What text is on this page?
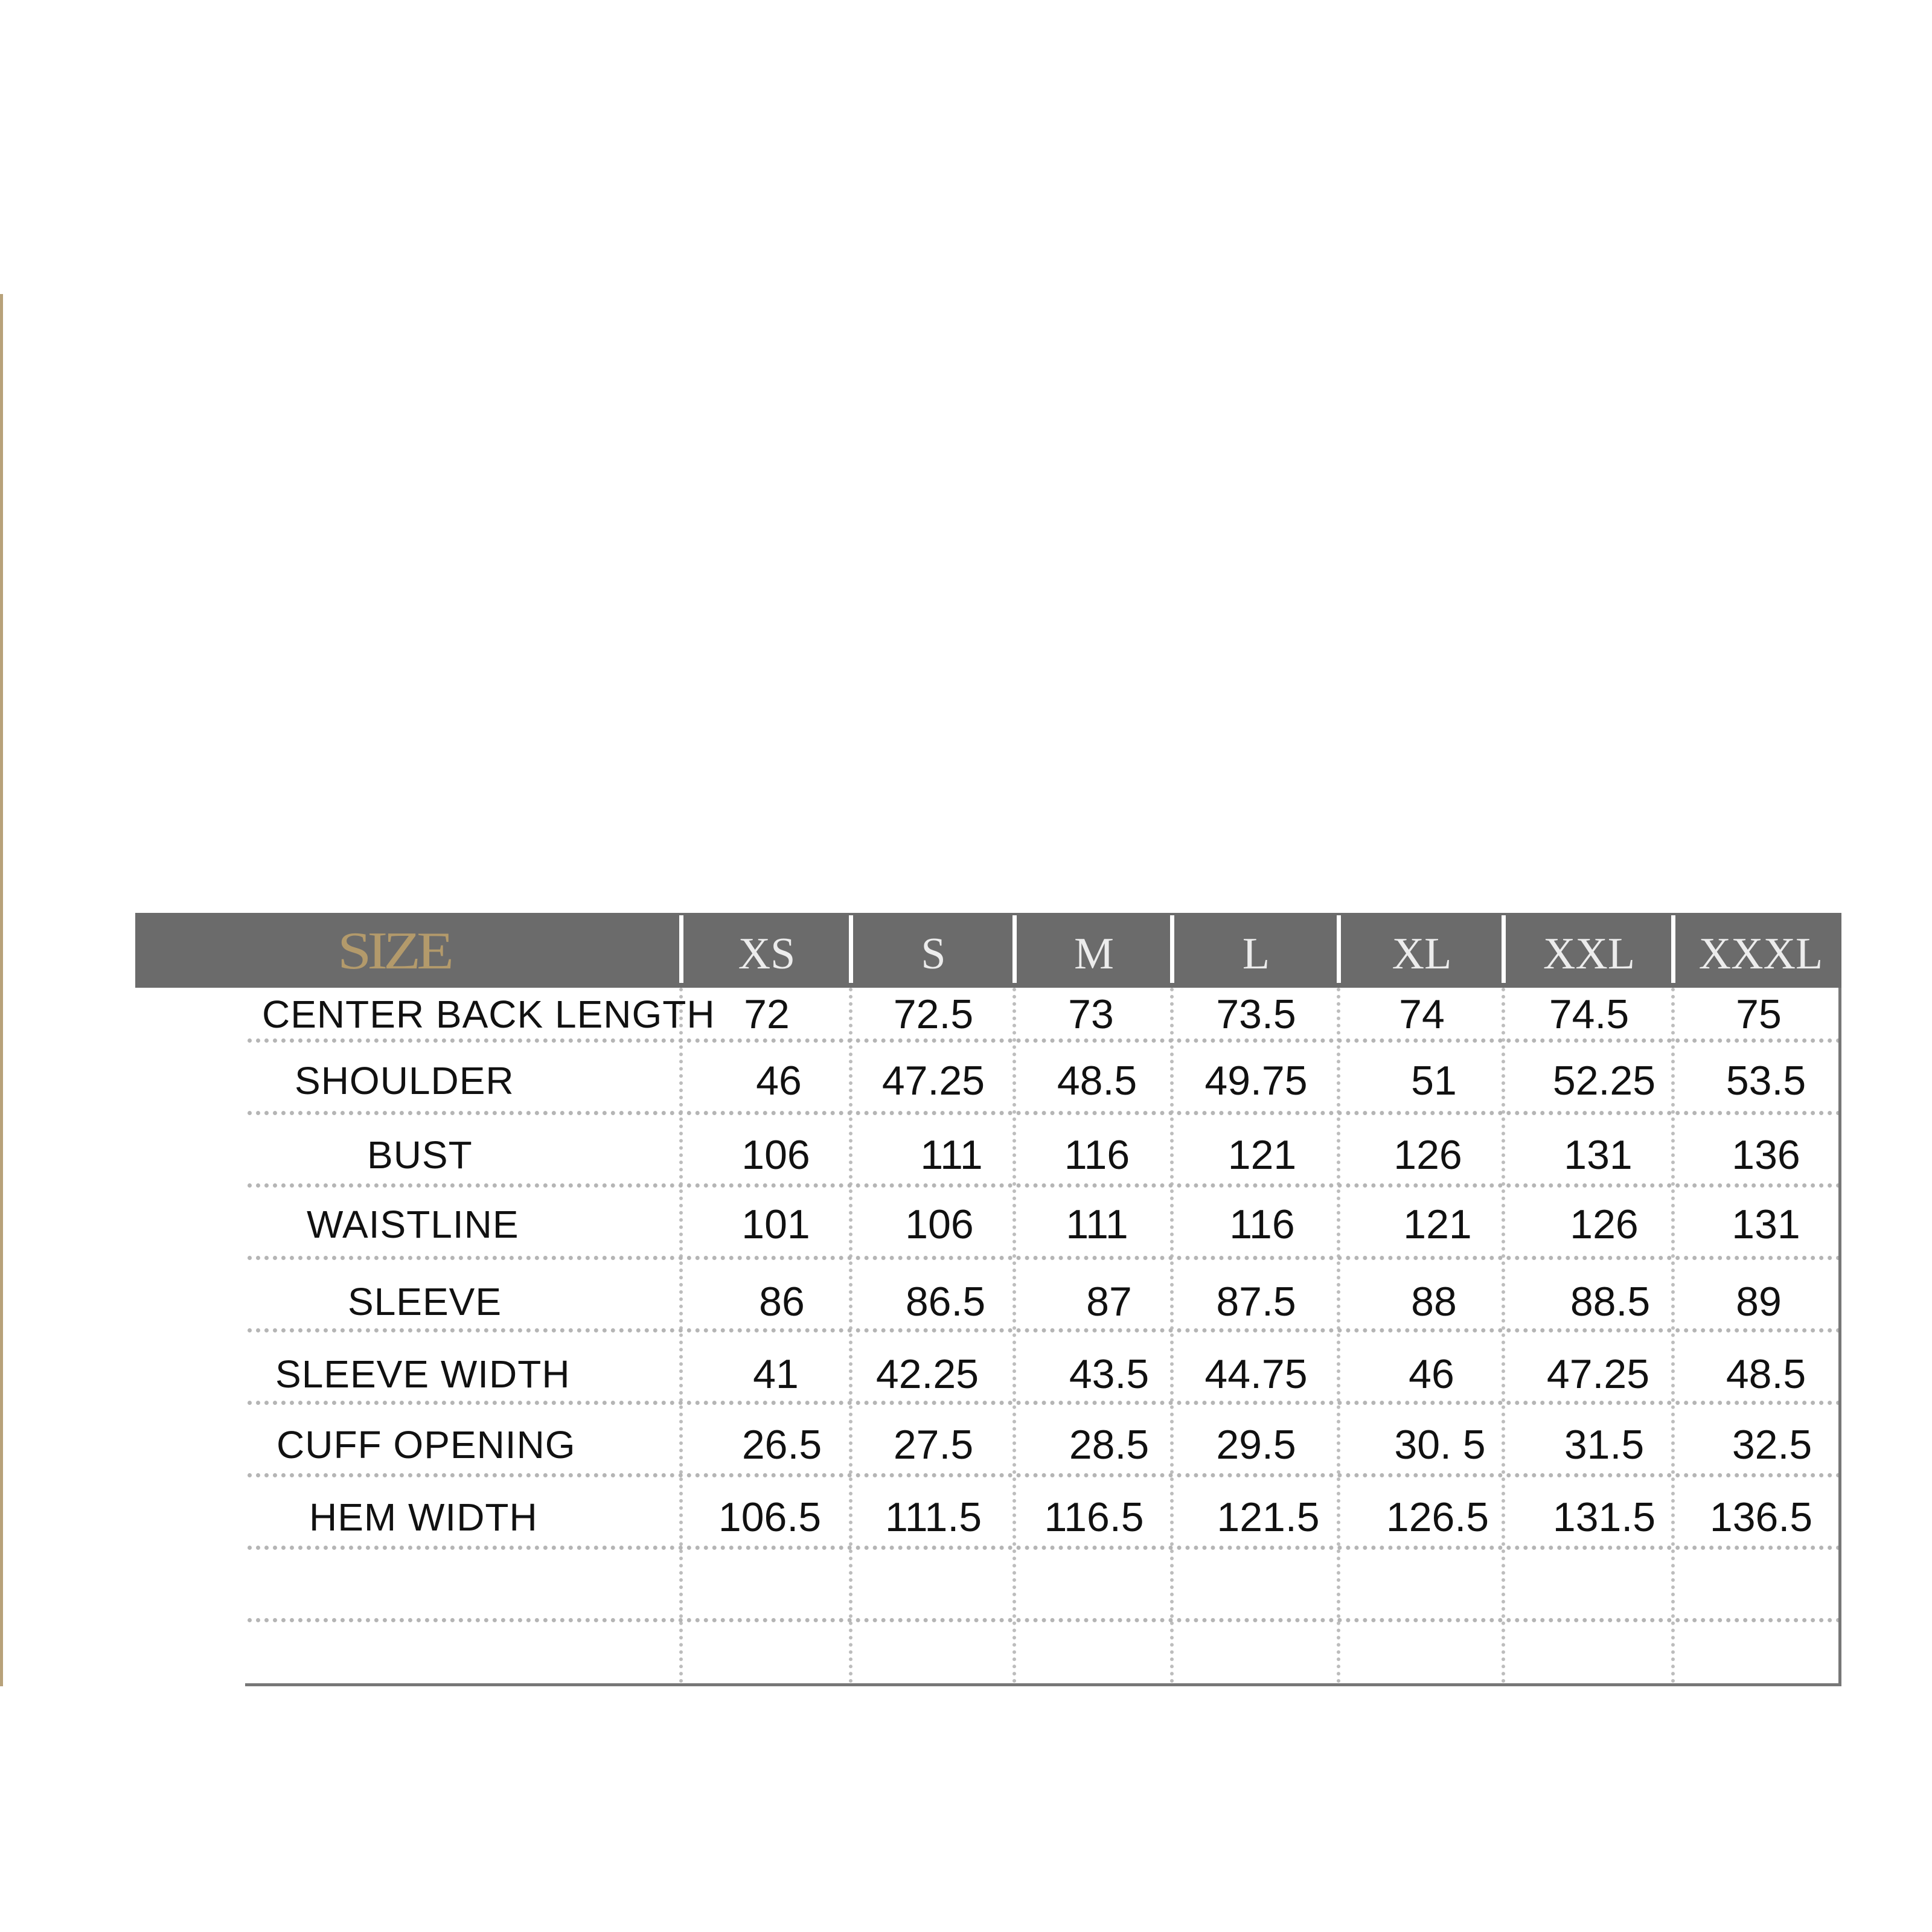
SIZE	XS	S	M	L	XL	XXL	XXXL
CENTER BACK LENGTH 72	72.5	73	73.5	74	74.5	75
SHOULDER	46	47.25	48.5	49.75	51	52.25	53.5
BUST	106	111	116	121	126	131	136
WAISTLINE	101	106	111	116	121	126	131
SLEEVE	86	86.5	87	87.5	88	88.5	89
SLEEVE WIDTH	41	42.25	43.5	44.75	46	47.25	48.5
CUFF OPENING	26.5	27.5	28.5	29.5	30. 5	31.5	32.5
HEM WIDTH	106.5	111.5	116.5	121.5	126.5	131.5	136.5
